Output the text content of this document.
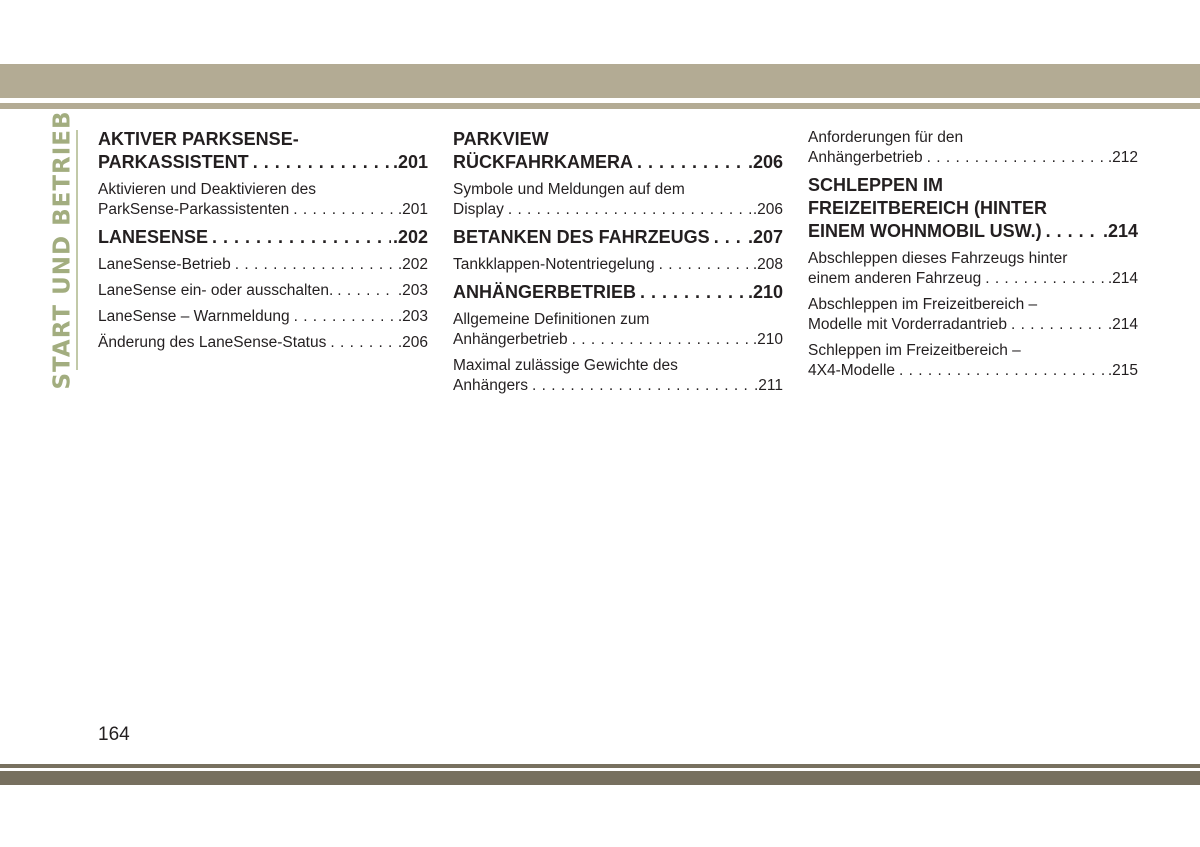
START UND BETRIEB AKTIVER PARKSENSE-
PARKASSISTENT . . .	.201
Aktivieren und Deaktivieren des
ParkSense-Parkassistenten . . .	.201
LANESENSE . . .	.202
LaneSense-Betrieb . . .	.202
LaneSense ein- oder ausschalten. . . .	.203
LaneSense – Warnmeldung . . .	.203
Änderung des LaneSense-Status . . .	.206
PARKVIEW
RÜCKFAHRKAMERA . . .	.206
Symbole und Meldungen auf dem
Display . . .	.206
BETANKEN DES FAHRZEUGS . . . .207
Tankklappen-Notentriegelung . . .	.208
ANHÄNGERBETRIEB . . .	.210
Allgemeine Definitionen zum
Anhängerbetrieb . . .	.210
Maximal zulässige Gewichte des
Anhängers . . .	.211
Anforderungen für den
Anhängerbetrieb . . .	.212
SCHLEPPEN IM
FREIZEITBEREICH (HINTER
EINEM WOHNMOBIL USW.) . . .	.214
Abschleppen dieses Fahrzeugs hinter
einem anderen Fahrzeug . . .	.214
Abschleppen im Freizeitbereich –
Modelle mit Vorderradantrieb . . .	.214
Schleppen im Freizeitbereich –
4X4-Modelle . . .	.215
164
